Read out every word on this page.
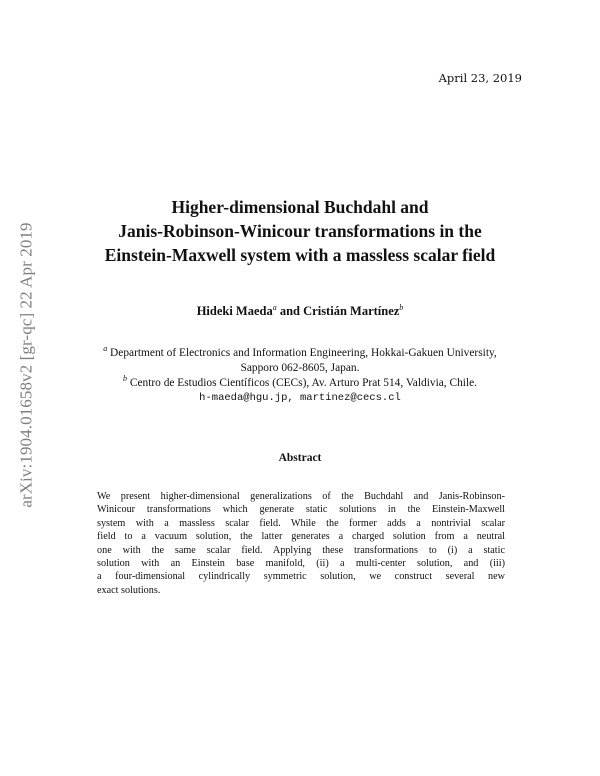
April 23, 2019
arXiv:1904.01658v2 [gr-qc] 22 Apr 2019
Higher-dimensional Buchdahl and
Janis-Robinson-Winicour transformations in the
Einstein-Maxwell system with a massless scalar field
Hideki Maeda$^a$ and Cristián Martínez$^b$
$^a$ Department of Electronics and Information Engineering, Hokkai-Gakuen University,
Sapporo 062-8605, Japan.
$^b$ Centro de Estudios Científicos (CECs), Av. Arturo Prat 514, Valdivia, Chile.
h-maeda@hgu.jp, martinez@cecs.cl
Abstract
We present higher-dimensional generalizations of the Buchdahl and Janis-Robinson-
Winicour transformations which generate static solutions in the Einstein-Maxwell
system with a massless scalar field. While the former adds a nontrivial scalar
field to a vacuum solution, the latter generates a charged solution from a neutral
one with the same scalar field. Applying these transformations to (i) a static
solution with an Einstein base manifold, (ii) a multi-center solution, and (iii)
a four-dimensional cylindrically symmetric solution, we construct several new
exact solutions.
